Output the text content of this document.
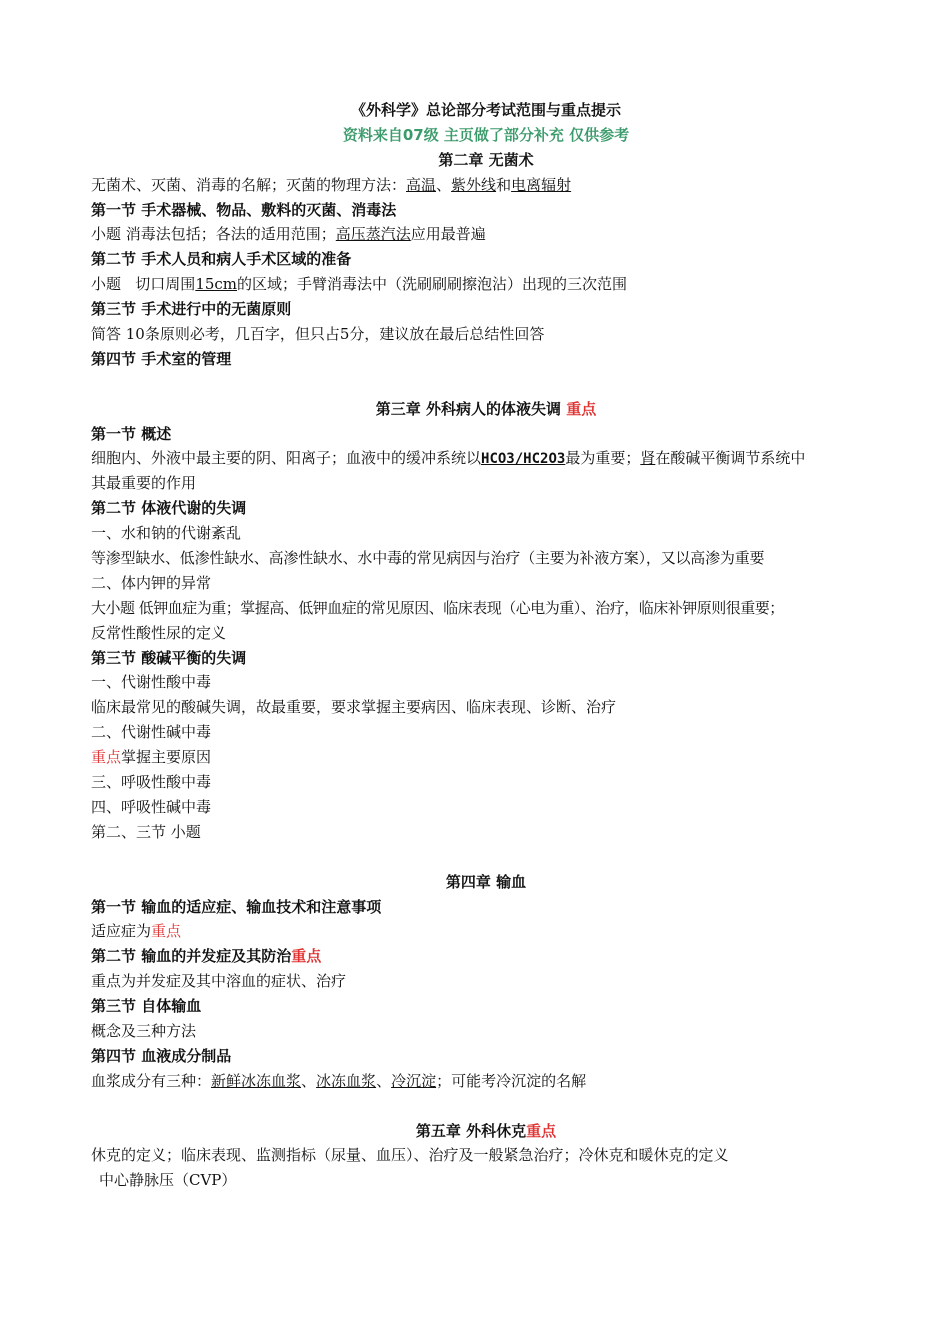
《外科学》总论部分考试范围与重点提示
资料来自07级 主页做了部分补充 仅供参考
第二章 无菌术
无菌术、灭菌、消毒的名解；灭菌的物理方法：高温、紫外线和电离辐射
第一节 手术器械、物品、敷料的灭菌、消毒法
小题 消毒法包括；各法的适用范围；高压蒸汽法应用最普遍
第二节 手术人员和病人手术区域的准备
小题   切口周围15cm的区域；手臂消毒法中（洗刷刷刷擦泡沾）出现的三次范围
第三节 手术进行中的无菌原则
简答 10条原则必考，几百字，但只占5分，建议放在最后总结性回答
第四节 手术室的管理
第三章 外科病人的体液失调 重点
第一节 概述
细胞内、外液中最主要的阴、阳离子；血液中的缓冲系统以HCO3/HC2O3最为重要；肾在酸碱平衡调节系统中
其最重要的作用
第二节 体液代谢的失调
一、水和钠的代谢紊乱
等渗型缺水、低渗性缺水、高渗性缺水、水中毒的常见病因与治疗（主要为补液方案），又以高渗为重要
二、体内钾的异常
大小题 低钾血症为重；掌握高、低钾血症的常见原因、临床表现（心电为重）、治疗，临床补钾原则很重要；
反常性酸性尿的定义
第三节 酸碱平衡的失调
一、代谢性酸中毒
临床最常见的酸碱失调，故最重要，要求掌握主要病因、临床表现、诊断、治疗
二、代谢性碱中毒
重点掌握主要原因
三、呼吸性酸中毒
四、呼吸性碱中毒
第二、三节 小题
第四章 输血
第一节 输血的适应症、输血技术和注意事项
适应症为重点
第二节 输血的并发症及其防治重点
重点为并发症及其中溶血的症状、治疗
第三节 自体输血
概念及三种方法
第四节 血液成分制品
血浆成分有三种：新鲜冰冻血浆、冰冻血浆、冷沉淀；可能考冷沉淀的名解
第五章 外科休克重点
休克的定义；临床表现、监测指标（尿量、血压）、治疗及一般紧急治疗；冷休克和暖休克的定义
中心静脉压（CVP）
